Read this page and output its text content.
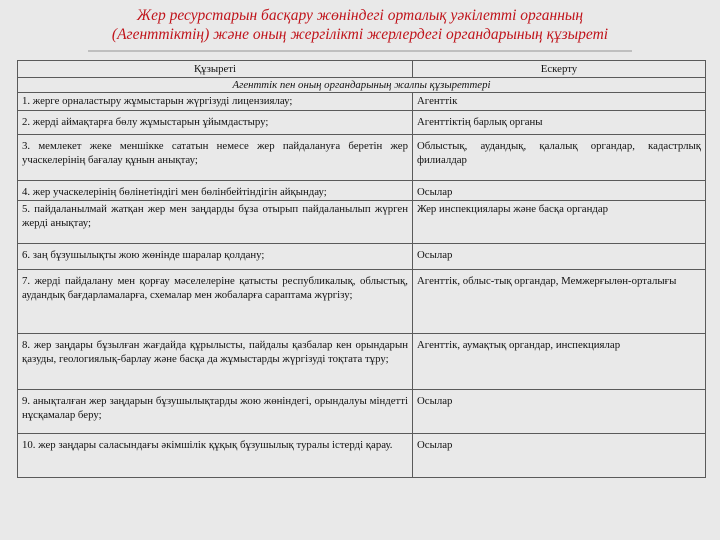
Жер ресурстарын басқару жөніндегі орталық уәкілетті органның
(Агенттіктің) және оның жергілікті жерлердегі органдарының құзыреті
Құзыреті	Ескерту
Агенттік пен оның органдарының жалпы құзыреттері	
1. жерге орналастыру жұмыстарын жүргізуді лицензиялау;	Агенттік
2. жерді аймақтарға бөлу жұмыстарын ұйымдастыру;	Агенттіктің барлық органы
3. мемлекет жеке меншікке сататын немесе жер пайдалануға беретін жер учаскелерінің бағалау құнын анықтау;	Облыстық, аудандық, қалалық органдар, кадастрлық филиалдар
4. жер учаскелерінің бөлінетіндігі мен бөлінбейтіндігін айқындау;	Осылар
5. пайдаланылмай жатқан жер мен заңдарды бұза отырып пайдаланылып жүрген жерді анықтау;	Жер инспекциялары және басқа органдар
6. заң бұзушылықты жою жөнінде шаралар қолдану;	Осылар
7. жерді пайдалану мен қорғау мәселелеріне қатысты республикалық, облыстық, аудандық бағдарламаларға, схемалар мен жобаларға сараптама жүргізу;	Агенттік, облыс-тық органдар, Мемжерғылөн-орталығы
8. жер заңдары бұзылған жағдайда құрылысты, пайдалы қазбалар кен орындарын қазуды, геологиялық-барлау және басқа да жұмыстарды жүргізуді тоқтата тұру;	Агенттік, аумақтық органдар, инспекциялар
9. анықталған жер заңдарын бұзушылықтарды жою жөніндегі, орындалуы міндетті нұсқамалар беру;	Осылар
10. жер заңдары саласындағы әкімшілік құқық бұзушылық туралы істерді қарау.	Осылар
